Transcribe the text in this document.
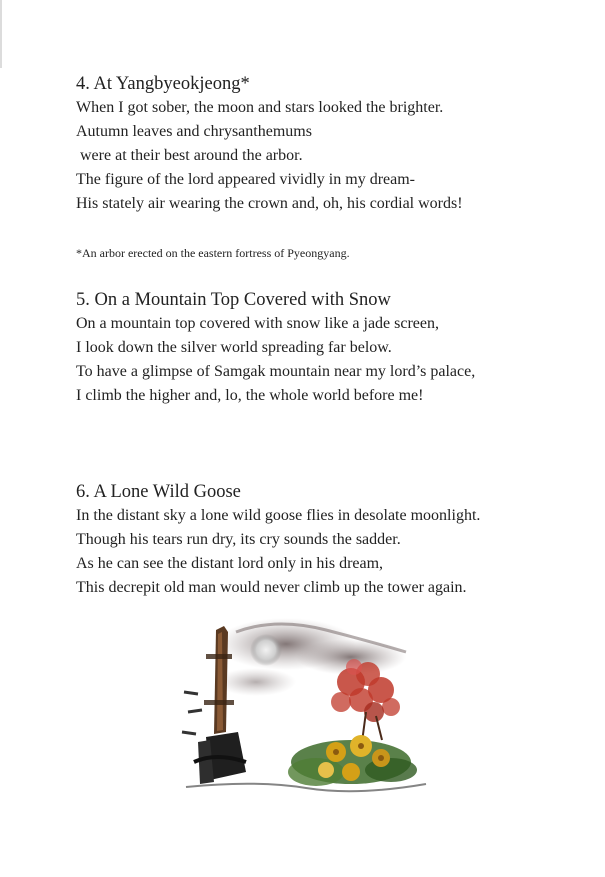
4. At Yangbyeokjeong*
When I got sober, the moon and stars looked the brighter.
Autumn leaves and chrysanthemums
were at their best around the arbor.
The figure of the lord appeared vividly in my dream-
His stately air wearing the crown and, oh, his cordial words!
*An arbor erected on the eastern fortress of Pyeongyang.
5. On a Mountain Top Covered with Snow
On a mountain top covered with snow like a jade screen,
I look down the silver world spreading far below.
To have a glimpse of Samgak mountain near my lord’s palace,
I climb the higher and, lo, the whole world before me!
6. A Lone Wild Goose
In the distant sky a lone wild goose flies in desolate moonlight.
Though his tears run dry, its cry sounds the sadder.
As he can see the distant lord only in his dream,
This decrepit old man would never climb up the tower again.
